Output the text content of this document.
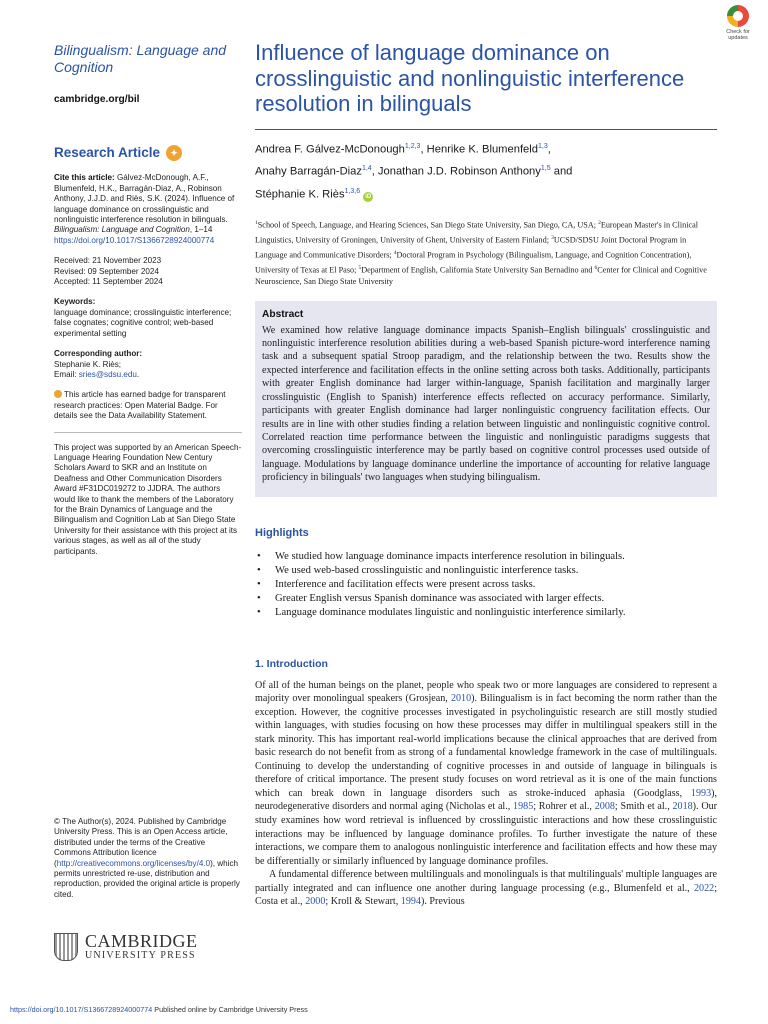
Check for updates
Bilingualism: Language and Cognition
cambridge.org/bil
Research Article	✦
Cite this article: Gálvez-McDonough, A.F., Blumenfeld, H.K., Barragán-Diaz, A., Robinson Anthony, J.J.D. and Riès, S.K. (2024). Influence of language dominance on crosslinguistic and nonlinguistic interference resolution in bilinguals. Bilingualism: Language and Cognition, 1–14
https://doi.org/10.1017/S1366728924000774
Received: 21 November 2023
Revised: 09 September 2024
Accepted: 11 September 2024
Keywords:
language dominance; crosslinguistic interference; false cognates; cognitive control; web-based experimental setting
Corresponding author:
Stephanie K. Riès;
Email: sries@sdsu.edu.
This article has earned badge for transparent research practices: Open Material Badge. For details see the Data Availability Statement.
This project was supported by an American Speech-Language Hearing Foundation New Century Scholars Award to SKR and an Institute on Deafness and Other Communication Disorders Award #F31DC019272 to JJDRA. The authors would like to thank the members of the Laboratory for the Brain Dynamics of Language and the Bilingualism and Cognition Lab at San Diego State University for their assistance with this project at its various stages, as well as all of the study participants.
© The Author(s), 2024. Published by Cambridge University Press. This is an Open Access article, distributed under the terms of the Creative Commons Attribution licence (http://creativecommons.org/licenses/by/4.0), which permits unrestricted re-use, distribution and reproduction, provided the original article is properly cited.
CAMBRIDGE
UNIVERSITY PRESS
Influence of language dominance on crosslinguistic and nonlinguistic interference resolution in bilinguals
Andrea F. Gálvez-McDonough$^{1,2,3}$, Henrike K. Blumenfeld$^{1,3}$,
Anahy Barragán-Diaz$^{1,4}$, Jonathan J.D. Robinson Anthony$^{1,5}$ and
Stéphanie K. Riès$^{1,3,6}$ iD
$^1$School of Speech, Language, and Hearing Sciences, San Diego State University, San Diego, CA, USA; $^2$European Master's in Clinical Linguistics, University of Groningen, University of Ghent, University of Eastern Finland; $^3$UCSD/SDSU Joint Doctoral Program in Language and Communicative Disorders; $^4$Doctoral Program in Psychology (Bilingualism, Language, and Cognition Concentration), University of Texas at El Paso; $^5$Department of English, California State University San Bernadino and $^6$Center for Clinical and Cognitive Neuroscience, San Diego State University
Abstract

We examined how relative language dominance impacts Spanish–English bilinguals' crosslinguistic and nonlinguistic interference resolution abilities during a web-based Spanish picture-word interference naming task and a subsequent spatial Stroop paradigm, and the relationship between the two. Results show the expected interference and facilitation effects in the online setting across both tasks. Additionally, participants with greater English dominance had larger within-language, Spanish facilitation and marginally larger crosslinguistic (English to Spanish) interference effects reflected on accuracy performance. Similarly, participants with greater English dominance had larger nonlinguistic congruency facilitation effects. Our results are in line with other studies finding a relation between linguistic and nonlinguistic cognitive control. Correlated reaction time performance between the linguistic and nonlinguistic paradigms suggests that overcoming crosslinguistic interference may be partly based on cognitive control processes used outside of language. Modulations by language dominance underline the importance of accounting for relative language proficiency in bilinguals' two languages when studying bilingualism.

Highlights
• We studied how language dominance impacts interference resolution in bilinguals.
• We used web-based crosslinguistic and nonlinguistic interference tasks.
• Interference and facilitation effects were present across tasks.
• Greater English versus Spanish dominance was associated with larger effects.
• Language dominance modulates linguistic and nonlinguistic interference similarly.
1. Introduction

Of all of the human beings on the planet, people who speak two or more languages are considered to represent a majority over monolingual speakers (Grosjean, 2010). Bilingualism is in fact becoming the norm rather than the exception. However, the cognitive processes investigated in psycholinguistic research are still mostly studied within languages, with studies focusing on how these processes may differ in multilingual speakers still in the stark minority. This has important real-world implications because the clinical approaches that are derived from basic research do not benefit from as strong of a fundamental knowledge framework in the case of multilinguals. Continuing to develop the understanding of cognitive processes in and outside of language in bilinguals is therefore of critical importance. The present study focuses on word retrieval as it is one of the main functions which can break down in language disorders such as stroke-induced aphasia (Goodglass, 1993), neurodegenerative disorders and normal aging (Nicholas et al., 1985; Rohrer et al., 2008; Smith et al., 2018). Our study examines how word retrieval is influenced by crosslinguistic interactions and how these crosslinguistic interactions may be influenced by language dominance profiles. To further investigate the nature of these interactions, we compare them to analogous nonlinguistic interference and facilitation effects and how these may be differentially or similarly influenced by language dominance profiles.

A fundamental difference between multilinguals and monolinguals is that multilinguals' multiple languages are partially integrated and can influence one another during language processing (e.g., Blumenfeld et al., 2022; Costa et al., 2000; Kroll & Stewart, 1994). Previous

https://doi.org/10.1017/S1366728924000774 Published online by Cambridge University Press
